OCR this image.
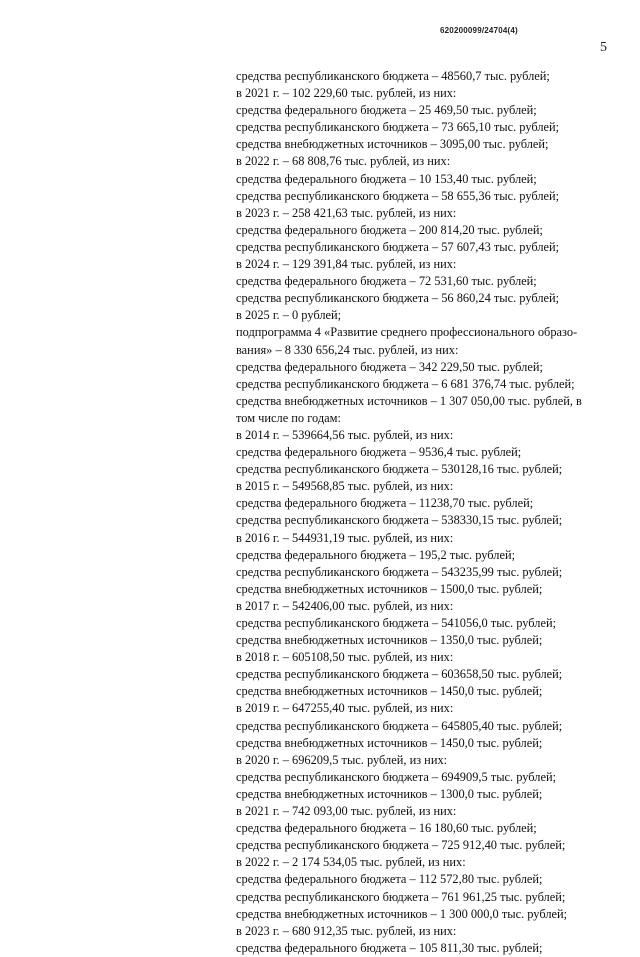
620200099/24704(4)
5
средства республиканского бюджета – 48560,7 тыс. рублей;
в 2021 г. – 102 229,60 тыс. рублей, из них:
средства федерального бюджета – 25 469,50 тыс. рублей;
средства республиканского бюджета – 73 665,10 тыс. рублей;
средства внебюджетных источников – 3095,00 тыс. рублей;
в 2022 г. – 68 808,76 тыс. рублей, из них:
средства федерального бюджета – 10 153,40 тыс. рублей;
средства республиканского бюджета – 58 655,36 тыс. рублей;
в 2023 г. – 258 421,63 тыс. рублей, из них:
средства федерального бюджета – 200 814,20 тыс. рублей;
средства республиканского бюджета – 57 607,43 тыс. рублей;
в 2024 г. – 129 391,84 тыс. рублей, из них:
средства федерального бюджета – 72 531,60 тыс. рублей;
средства республиканского бюджета – 56 860,24 тыс. рублей;
в 2025 г. – 0 рублей;
подпрограмма 4 «Развитие среднего профессионального образо-
вания» – 8 330 656,24 тыс. рублей, из них:
средства федерального бюджета – 342 229,50 тыс. рублей;
средства республиканского бюджета – 6 681 376,74 тыс. рублей;
средства внебюджетных источников – 1 307 050,00 тыс. рублей, в
том числе по годам:
в 2014 г. – 539664,56 тыс. рублей, из них:
средства федерального бюджета – 9536,4 тыс. рублей;
средства республиканского бюджета – 530128,16 тыс. рублей;
в 2015 г. – 549568,85 тыс. рублей, из них:
средства федерального бюджета – 11238,70 тыс. рублей;
средства республиканского бюджета – 538330,15 тыс. рублей;
в 2016 г. – 544931,19 тыс. рублей, из них:
средства федерального бюджета – 195,2 тыс. рублей;
средства республиканского бюджета – 543235,99 тыс. рублей;
средства внебюджетных источников – 1500,0 тыс. рублей;
в 2017 г. – 542406,00 тыс. рублей, из них:
средства республиканского бюджета – 541056,0 тыс. рублей;
средства внебюджетных источников – 1350,0 тыс. рублей;
в 2018 г. – 605108,50 тыс. рублей, из них:
средства республиканского бюджета – 603658,50 тыс. рублей;
средства внебюджетных источников – 1450,0 тыс. рублей;
в 2019 г. – 647255,40 тыс. рублей, из них:
средства республиканского бюджета – 645805,40 тыс. рублей;
средства внебюджетных источников – 1450,0 тыс. рублей;
в 2020 г. – 696209,5 тыс. рублей, из них:
средства республиканского бюджета – 694909,5 тыс. рублей;
средства внебюджетных источников – 1300,0 тыс. рублей;
в 2021 г. – 742 093,00 тыс. рублей, из них:
средства федерального бюджета – 16 180,60 тыс. рублей;
средства республиканского бюджета – 725 912,40 тыс. рублей;
в 2022 г. – 2 174 534,05 тыс. рублей, из них:
средства федерального бюджета – 112 572,80 тыс. рублей;
средства республиканского бюджета – 761 961,25 тыс. рублей;
средства внебюджетных источников – 1 300 000,0 тыс. рублей;
в 2023 г. – 680 912,35 тыс. рублей, из них:
средства федерального бюджета – 105 811,30 тыс. рублей;
